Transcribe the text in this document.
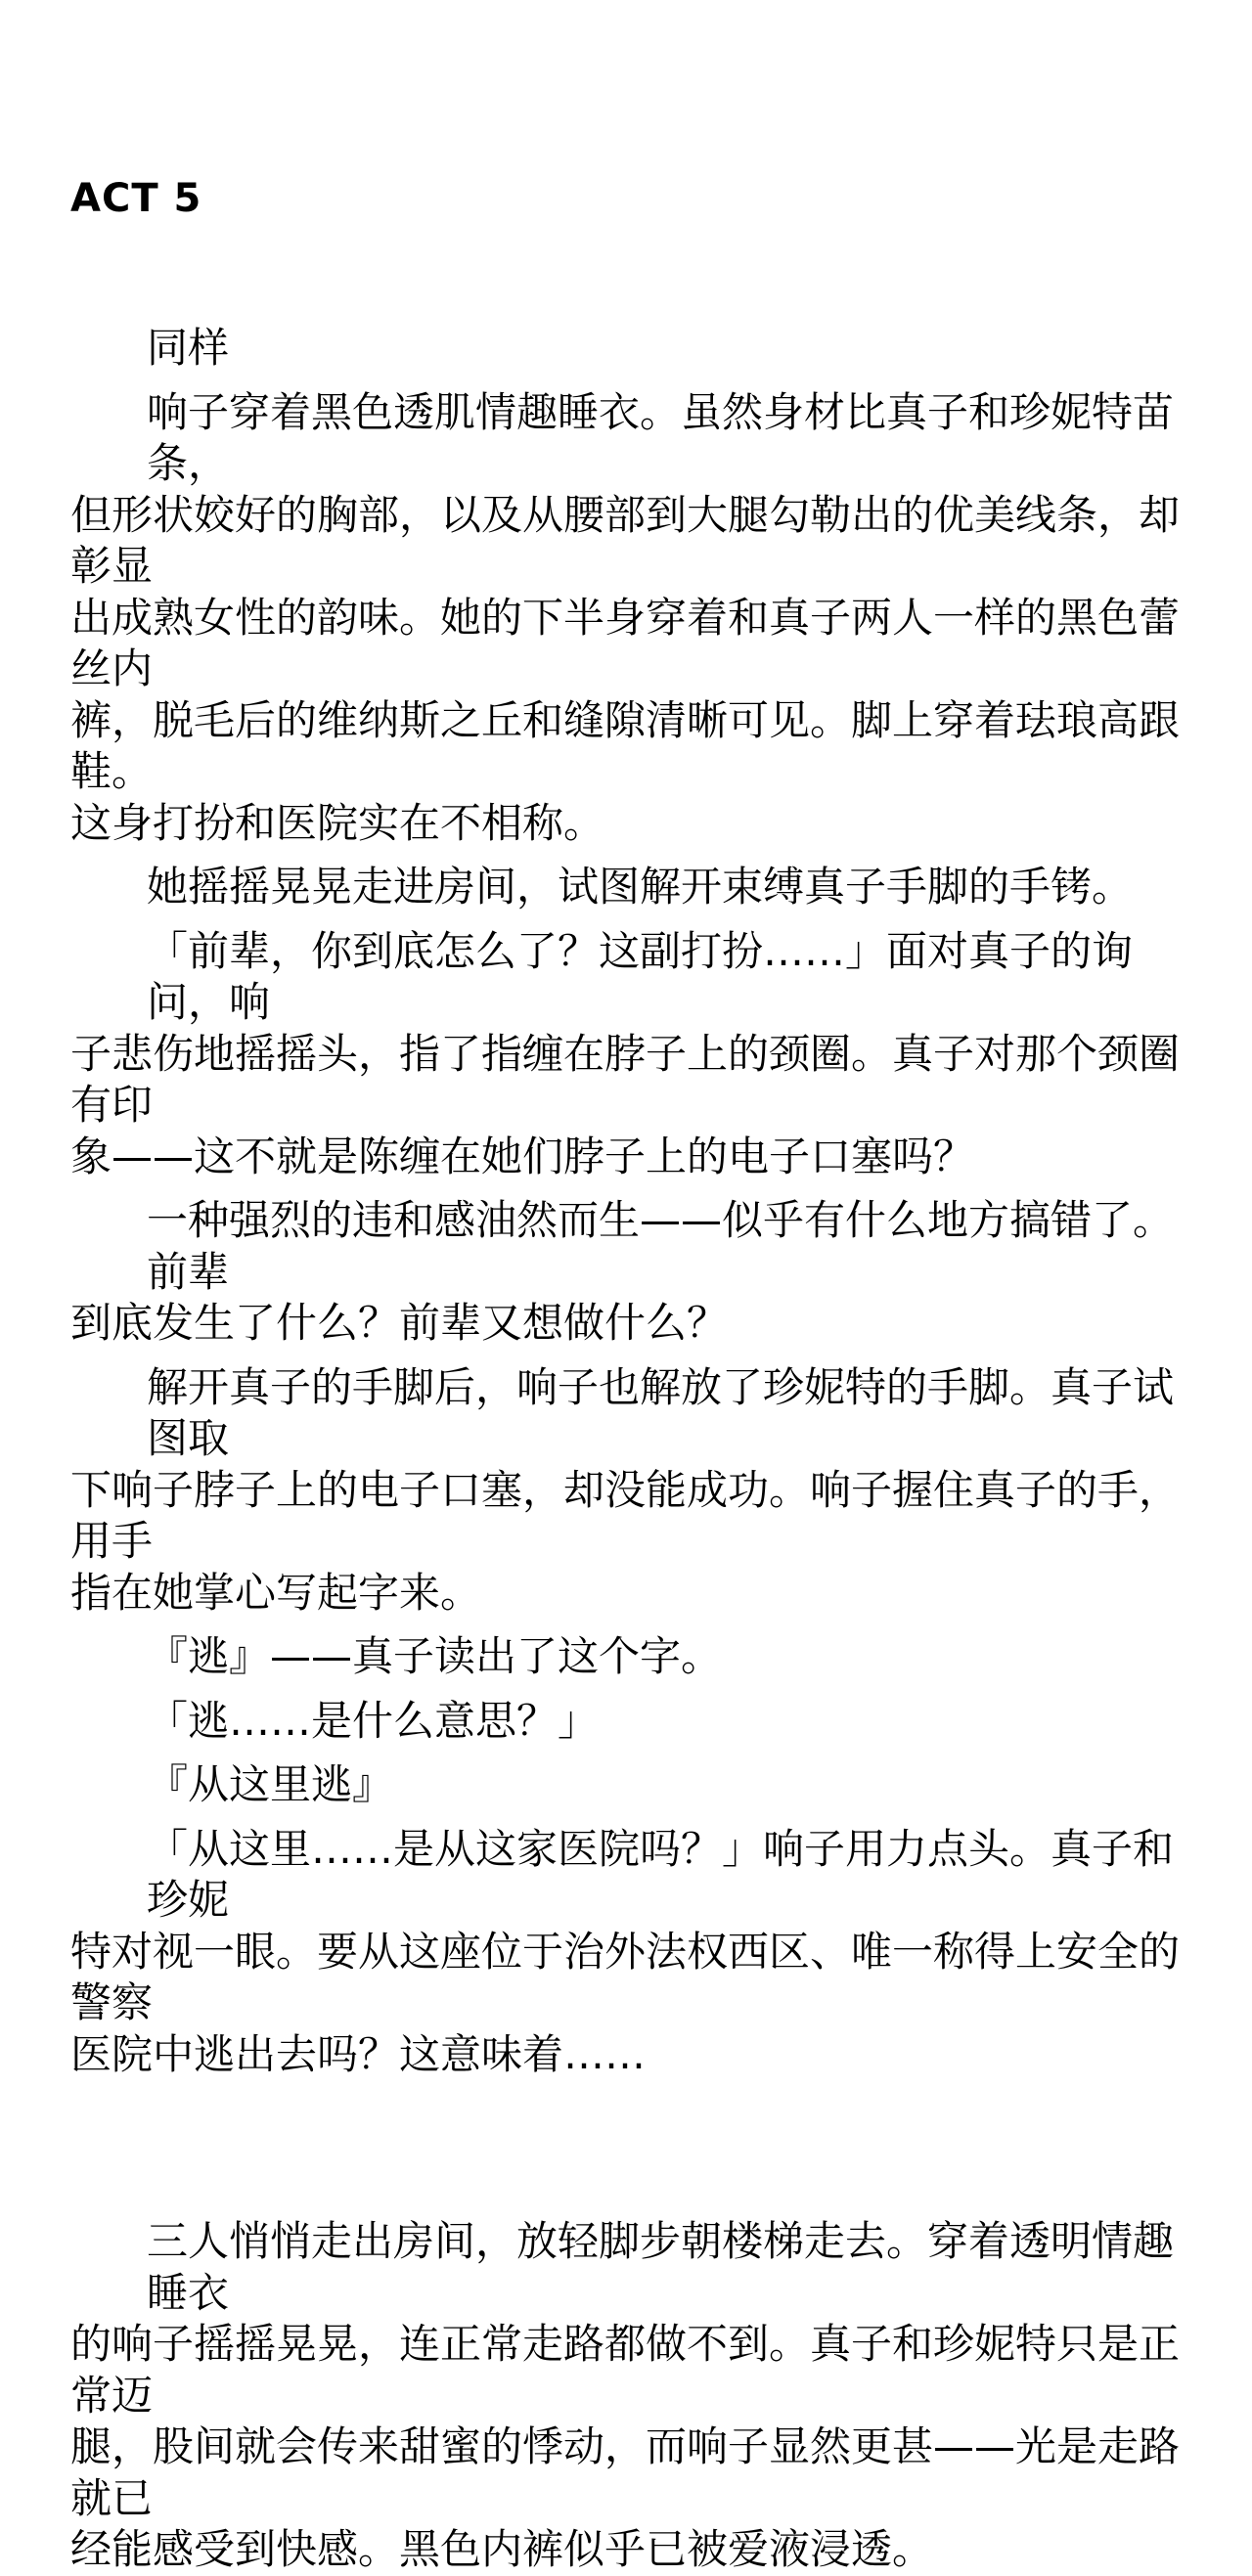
ACT 5
同样
响子穿着黑色透肌情趣睡衣。虽然身材比真子和珍妮特苗条，
但形状姣好的胸部，以及从腰部到大腿勾勒出的优美线条，却彰显
出成熟女性的韵味。她的下半身穿着和真子两人一样的黑色蕾丝内
裤，脱毛后的维纳斯之丘和缝隙清晰可见。脚上穿着珐琅高跟鞋。
这身打扮和医院实在不相称。
她摇摇晃晃走进房间，试图解开束缚真子手脚的手铐。
「前辈，你到底怎么了？这副打扮……」面对真子的询问，响
子悲伤地摇摇头，指了指缠在脖子上的颈圈。真子对那个颈圈有印
象——这不就是陈缠在她们脖子上的电子口塞吗？
一种强烈的违和感油然而生——似乎有什么地方搞错了。前辈
到底发生了什么？前辈又想做什么？
解开真子的手脚后，响子也解放了珍妮特的手脚。真子试图取
下响子脖子上的电子口塞，却没能成功。响子握住真子的手，用手
指在她掌心写起字来。
『逃』——真子读出了这个字。
「逃……是什么意思？」
『从这里逃』
「从这里……是从这家医院吗？」响子用力点头。真子和珍妮
特对视一眼。要从这座位于治外法权西区、唯一称得上安全的警察
医院中逃出去吗？这意味着……
三人悄悄走出房间，放轻脚步朝楼梯走去。穿着透明情趣睡衣
的响子摇摇晃晃，连正常走路都做不到。真子和珍妮特只是正常迈
腿，股间就会传来甜蜜的悸动，而响子显然更甚——光是走路就已
经能感受到快感。黑色内裤似乎已被爱液浸透。
